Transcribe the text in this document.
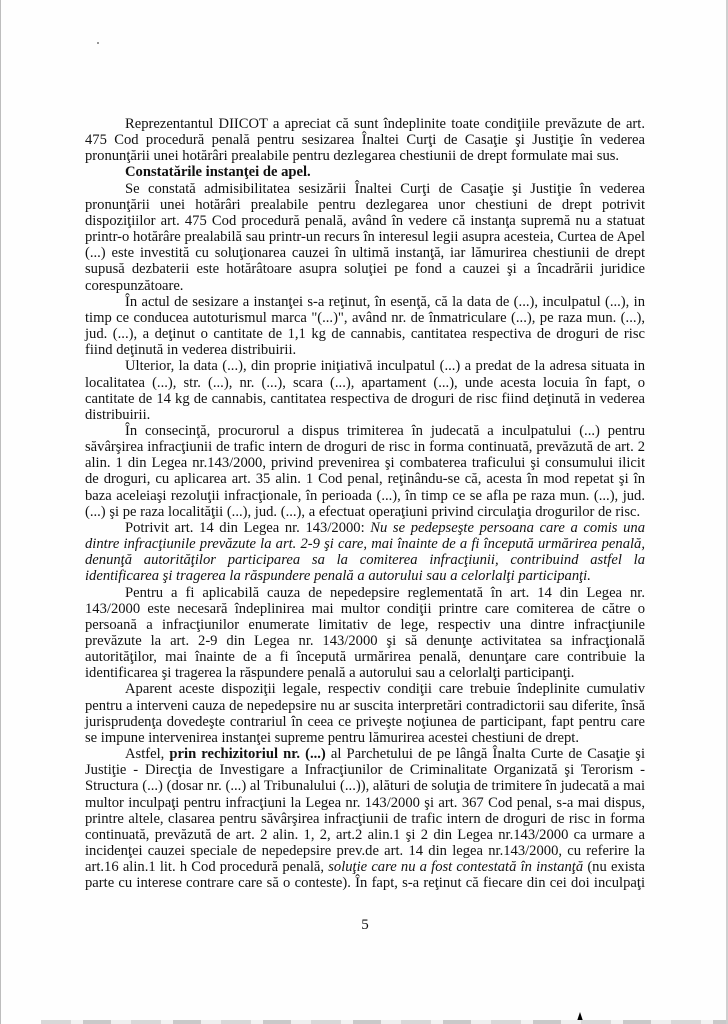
Reprezentantul DIICOT a apreciat că sunt îndeplinite toate condiţiile prevăzute de art. 475 Cod procedură penală pentru sesizarea Înaltei Curţi de Casaţie şi Justiţie în vederea pronunţării unei hotărâri prealabile pentru dezlegarea chestiunii de drept formulate mai sus.

Constatările instanţei de apel.

Se constată admisibilitatea sesizării Înaltei Curţi de Casaţie şi Justiţie în vederea pronunţării unei hotărâri prealabile pentru dezlegarea unor chestiuni de drept potrivit dispoziţiilor art. 475 Cod procedură penală, având în vedere că instanţa supremă nu a statuat printr-o hotărâre prealabilă sau printr-un recurs în interesul legii asupra acesteia, Curtea de Apel (...) este investită cu soluţionarea cauzei în ultimă instanţă, iar lămurirea chestiunii de drept supusă dezbaterii este hotărâtoare asupra soluţiei pe fond a cauzei şi a încadrării juridice corespunzătoare.

În actul de sesizare a instanţei s-a reţinut, în esenţă, că la data de (...), inculpatul (...), in timp ce conducea autoturismul marca "(...)", având nr. de înmatriculare (...), pe raza mun. (...), jud. (...), a deţinut o cantitate de 1,1 kg de cannabis, cantitatea respectiva de droguri de risc fiind deţinută in vederea distribuirii.

Ulterior, la data (...), din proprie iniţiativă inculpatul (...) a predat de la adresa situata in localitatea (...), str. (...), nr. (...), scara (...), apartament (...), unde acesta locuia în fapt, o cantitate de 14 kg de cannabis, cantitatea respectiva de droguri de risc fiind deţinută in vederea distribuirii.

În consecinţă, procurorul a dispus trimiterea în judecată a inculpatului (...) pentru săvârşirea infracţiunii de trafic intern de droguri de risc in forma continuată, prevăzută de art. 2 alin. 1 din Legea nr.143/2000, privind prevenirea şi combaterea traficului şi consumului ilicit de droguri, cu aplicarea art. 35 alin. 1 Cod penal, reţinându-se că, acesta în mod repetat şi în baza aceleiaşi rezoluţii infracţionale, în perioada (...), în timp ce se afla pe raza mun. (...), jud. (...) şi pe raza localităţii (...), jud. (...), a efectuat operaţiuni privind circulaţia drogurilor de risc.

Potrivit art. 14 din Legea nr. 143/2000: Nu se pedepseşte persoana care a comis una dintre infracţiunile prevăzute la art. 2-9 şi care, mai înainte de a fi începută urmărirea penală, denunţă autorităţilor participarea sa la comiterea infracţiunii, contribuind astfel la identificarea şi tragerea la răspundere penală a autorului sau a celorlalţi participanţi.

Pentru a fi aplicabilă cauza de nepedepsire reglementată în art. 14 din Legea nr. 143/2000 este necesară îndeplinirea mai multor condiţii printre care comiterea de către o persoană a infracţiunilor enumerate limitativ de lege, respectiv una dintre infracţiunile prevăzute la art. 2-9 din Legea nr. 143/2000 şi să denunţe activitatea sa infracţională autorităţilor, mai înainte de a fi începută urmărirea penală, denunţare care contribuie la identificarea şi tragerea la răspundere penală a autorului sau a celorlalţi participanţi.

Aparent aceste dispoziţii legale, respectiv condiţii care trebuie îndeplinite cumulativ pentru a interveni cauza de nepedepsire nu ar suscita interpretări contradictorii sau diferite, însă jurisprudenţa dovedeşte contrariul în ceea ce priveşte noţiunea de participant, fapt pentru care se impune intervenirea instanţei supreme pentru lămurirea acestei chestiuni de drept.

Astfel, prin rechizitoriul nr. (...) al Parchetului de pe lângă Înalta Curte de Casaţie şi Justiţie - Direcţia de Investigare a Infracţiunilor de Criminalitate Organizată şi Terorism - Structura (...) (dosar nr. (...) al Tribunalului (...)), alături de soluţia de trimitere în judecată a mai multor inculpaţi pentru infracţiuni la Legea nr. 143/2000 şi art. 367 Cod penal, s-a mai dispus, printre altele, clasarea pentru săvârşirea infracţiunii de trafic intern de droguri de risc in forma continuată, prevăzută de art. 2 alin. 1, 2, art.2 alin.1 şi 2 din Legea nr.143/2000 ca urmare a incidenţei cauzei speciale de nepedepsire prev.de art. 14 din legea nr.143/2000, cu referire la art.16 alin.1 lit. h Cod procedură penală, soluţie care nu a fost contestată în instanţă (nu exista parte cu interese contrare care să o conteste). În fapt, s-a reţinut că fiecare din cei doi inculpaţi

5
